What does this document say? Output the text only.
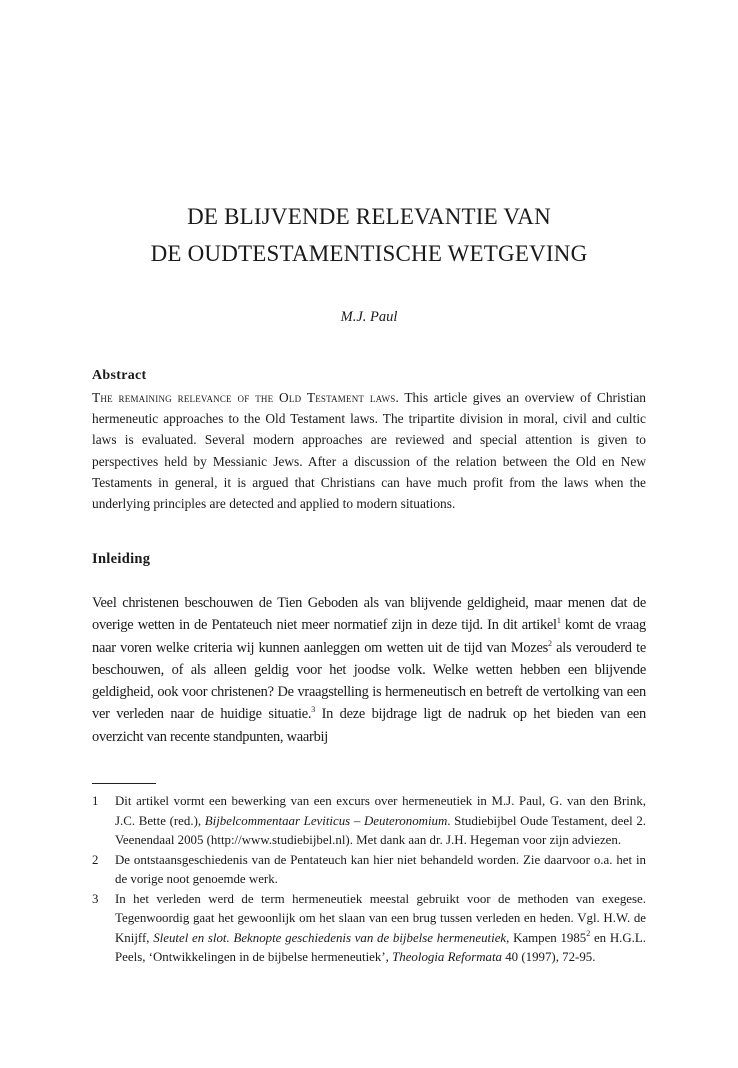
DE BLIJVENDE RELEVANTIE VAN
DE OUDTESTAMENTISCHE WETGEVING
M.J. Paul
Abstract

The remaining relevance of the Old Testament laws. This article gives an overview of Christian hermeneutic approaches to the Old Testament laws. The tripartite division in moral, civil and cultic laws is evaluated. Several modern approaches are reviewed and special attention is given to perspectives held by Messianic Jews. After a discussion of the relation between the Old en New Testaments in general, it is argued that Christians can have much profit from the laws when the underlying principles are detected and applied to modern situations.

Inleiding

Veel christenen beschouwen de Tien Geboden als van blijvende geldigheid, maar menen dat de overige wetten in de Pentateuch niet meer normatief zijn in deze tijd. In dit artikel$^1$ komt de vraag naar voren welke criteria wij kunnen aanleggen om wetten uit de tijd van Mozes$^2$ als verouderd te beschouwen, of als alleen geldig voor het joodse volk. Welke wetten hebben een blijvende geldigheid, ook voor christenen? De vraagstelling is hermeneutisch en betreft de vertolking van een ver verleden naar de huidige situatie.$^3$ In deze bijdrage ligt de nadruk op het bieden van een overzicht van recente standpunten, waarbij

1 Dit artikel vormt een bewerking van een excurs over hermeneutiek in M.J. Paul, G. van den Brink, J.C. Bette (red.), Bijbelcommentaar Leviticus – Deuteronomium. Studiebijbel Oude Testament, deel 2. Veenendaal 2005 (http://www.studiebijbel.nl). Met dank aan dr. J.H. Hegeman voor zijn adviezen.
2 De ontstaansgeschiedenis van de Pentateuch kan hier niet behandeld worden. Zie daarvoor o.a. het in de vorige noot genoemde werk.
3 In het verleden werd de term hermeneutiek meestal gebruikt voor de methoden van exegese. Tegenwoordig gaat het gewoonlijk om het slaan van een brug tussen verleden en heden. Vgl. H.W. de Knijff, Sleutel en slot. Beknopte geschiedenis van de bijbelse hermeneutiek, Kampen 1985$^2$ en H.G.L. Peels, ‘Ontwikkelingen in de bijbelse hermeneutiek’, Theologia Reformata 40 (1997), 72-95.
